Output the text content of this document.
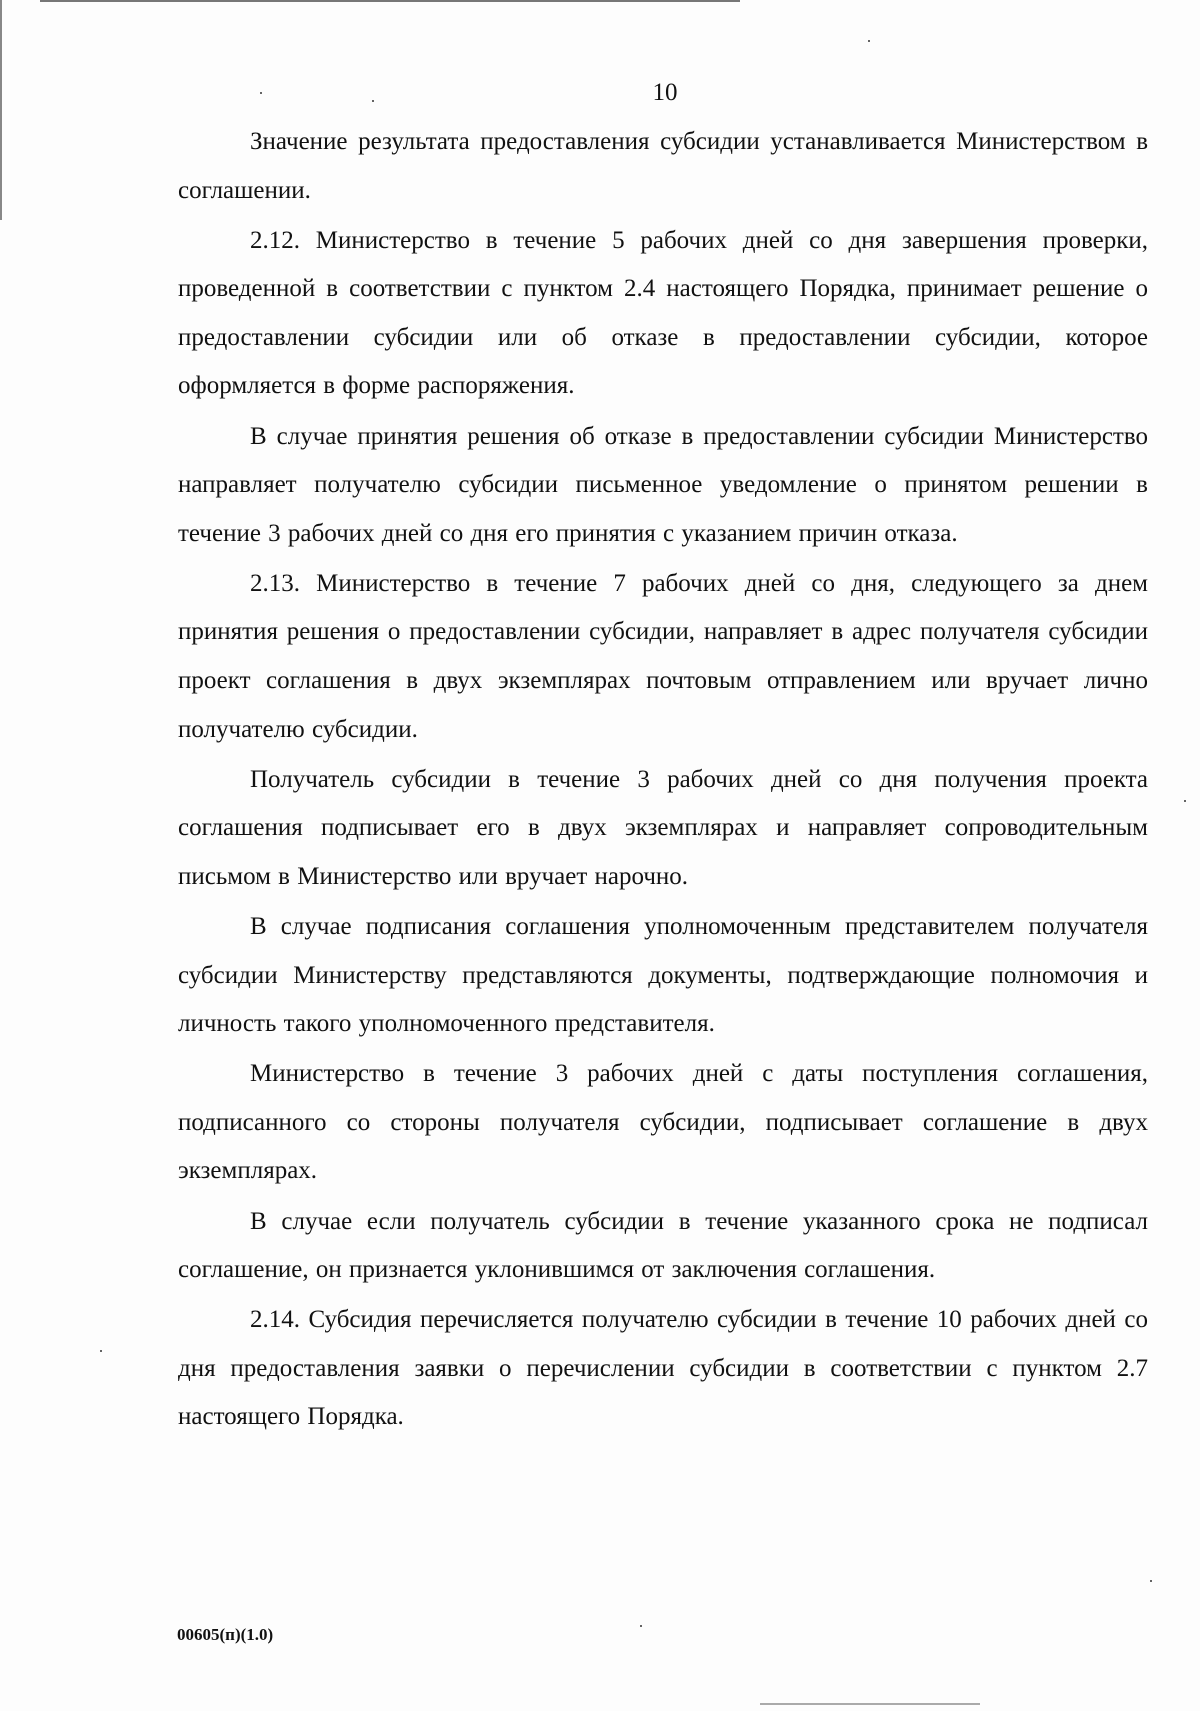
10

Значение результата предоставления субсидии устанавливается Министерством в соглашении.

2.12. Министерство в течение 5 рабочих дней со дня завершения проверки, проведенной в соответствии с пунктом 2.4 настоящего Порядка, принимает решение о предоставлении субсидии или об отказе в предоставлении субсидии, которое оформляется в форме распоряжения.

В случае принятия решения об отказе в предоставлении субсидии Министерство направляет получателю субсидии письменное уведомление о принятом решении в течение 3 рабочих дней со дня его принятия с указанием причин отказа.

2.13. Министерство в течение 7 рабочих дней со дня, следующего за днем принятия решения о предоставлении субсидии, направляет в адрес получателя субсидии проект соглашения в двух экземплярах почтовым отправлением или вручает лично получателю субсидии.

Получатель субсидии в течение 3 рабочих дней со дня получения проекта соглашения подписывает его в двух экземплярах и направляет сопроводительным письмом в Министерство или вручает нарочно.

В случае подписания соглашения уполномоченным представителем получателя субсидии Министерству представляются документы, подтверждающие полномочия и личность такого уполномоченного представителя.

Министерство в течение 3 рабочих дней с даты поступления соглашения, подписанного со стороны получателя субсидии, подписывает соглашение в двух экземплярах.

В случае если получатель субсидии в течение указанного срока не подписал соглашение, он признается уклонившимся от заключения соглашения.

2.14. Субсидия перечисляется получателю субсидии в течение 10 рабочих дней со дня предоставления заявки о перечислении субсидии в соответствии с пунктом 2.7 настоящего Порядка.

00605(п)(1.0)
